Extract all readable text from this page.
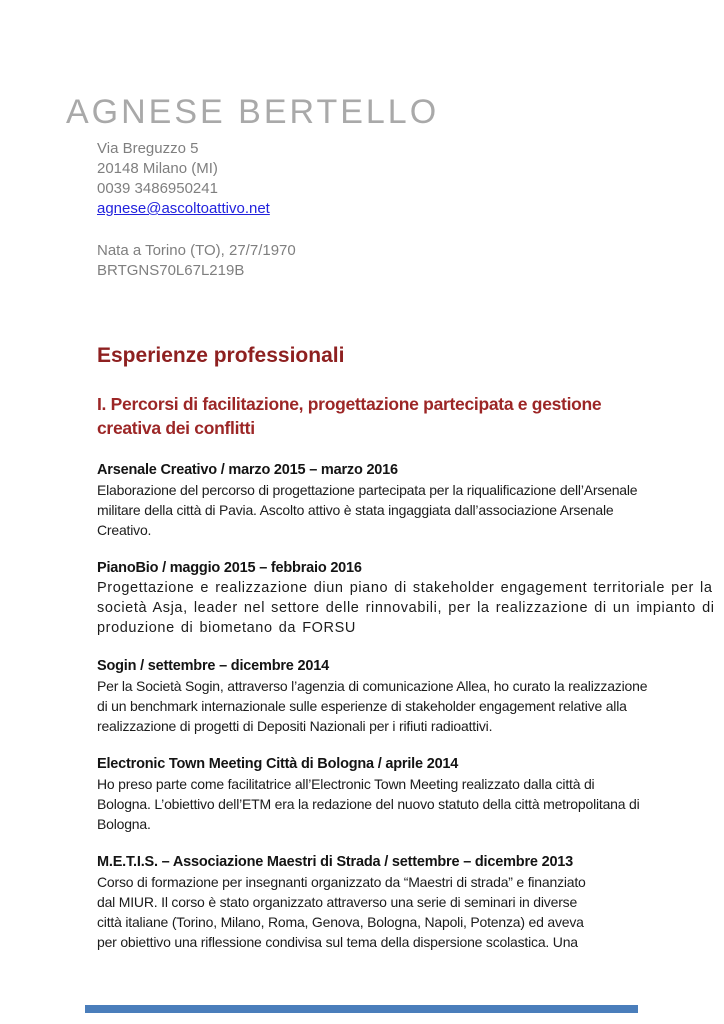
AGNESE BERTELLO
Via Breguzzo 5
20148 Milano (MI)
0039 3486950241
agnese@ascoltoattivo.net
Nata a Torino (TO), 27/7/1970
BRTGNS70L67L219B
Esperienze professionali
I. Percorsi di facilitazione, progettazione partecipata e gestione
creativa dei conflitti
Arsenale Creativo / marzo 2015 – marzo 2016
Elaborazione del percorso di progettazione partecipata per la riqualificazione dell’Arsenale
militare della città di Pavia. Ascolto attivo è stata ingaggiata dall’associazione Arsenale
Creativo.
PianoBio / maggio 2015 – febbraio 2016
Progettazione e realizzazione diun piano di stakeholder engagement territoriale per la
società Asja, leader nel settore delle rinnovabili, per la realizzazione di un impianto di
produzione di biometano da FORSU
Sogin / settembre – dicembre 2014
Per la Società Sogin, attraverso l’agenzia di comunicazione Allea, ho curato la realizzazione
di un benchmark internazionale sulle esperienze di stakeholder engagement relative alla
realizzazione di progetti di Depositi Nazionali per i rifiuti radioattivi.
Electronic Town Meeting Città di Bologna / aprile 2014
Ho preso parte come facilitatrice all’Electronic Town Meeting realizzato dalla città di
Bologna. L’obiettivo dell’ETM era la redazione del nuovo statuto della città metropolitana di
Bologna.
M.E.T.I.S. – Associazione Maestri di Strada / settembre – dicembre 2013
Corso di formazione per insegnanti organizzato da “Maestri di strada” e finanziato
dal MIUR. Il corso è stato organizzato attraverso una serie di seminari in diverse
città italiane (Torino, Milano, Roma, Genova, Bologna, Napoli, Potenza) ed aveva
per obiettivo una riflessione condivisa sul tema della dispersione scolastica. Una
